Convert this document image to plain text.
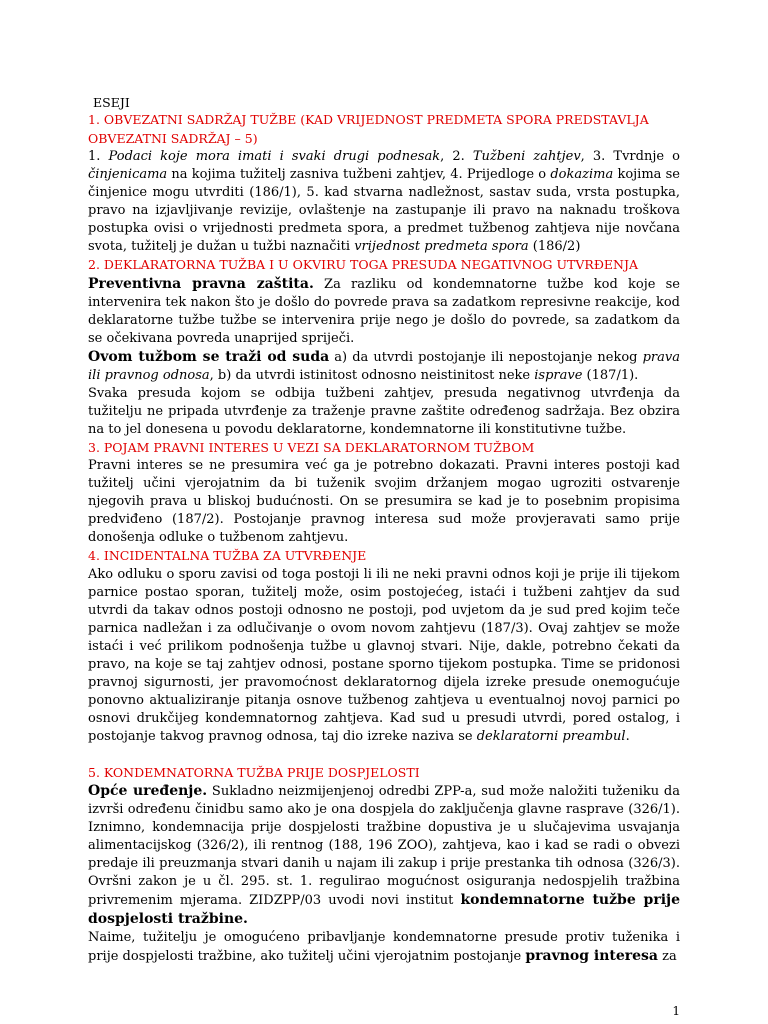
ESEJI

1. OBVEZATNI SADRŽAJ TUŽBE (KAD VRIJEDNOST PREDMETA SPORA PREDSTAVLJA OBVEZATNI SADRŽAJ – 5)

1. Podaci koje mora imati i svaki drugi podnesak, 2. Tužbeni zahtjev, 3. Tvrdnje o činjenicama na kojima tužitelj zasniva tužbeni zahtjev, 4. Prijedloge o dokazima kojima se činjenice mogu utvrditi (186/1), 5. kad stvarna nadležnost, sastav suda, vrsta postupka, pravo na izjavljivanje revizije, ovlaštenje na zastupanje ili pravo na naknadu troškova postupka ovisi o vrijednosti predmeta spora, a predmet tužbenog zahtjeva nije novčana svota, tužitelj je dužan u tužbi naznačiti vrijednost predmeta spora (186/2)

2. DEKLARATORNA TUŽBA I U OKVIRU TOGA PRESUDA NEGATIVNOG UTVRĐENJA

Preventivna pravna zaštita. Za razliku od kondemnatorne tužbe kod koje se intervenira tek nakon što je došlo do povrede prava sa zadatkom represivne reakcije, kod deklaratorne tužbe tužbe se intervenira prije nego je došlo do povrede, sa zadatkom da se očekivana povreda unaprijed spriječi.

Ovom tužbom se traži od suda a) da utvrdi postojanje ili nepostojanje nekog prava ili pravnog odnosa, b) da utvrdi istinitost odnosno neistinitost neke isprave (187/1).

Svaka presuda kojom se odbija tužbeni zahtjev, presuda negativnog utvrđenja da tužitelju ne pripada utvrđenje za traženje pravne zaštite određenog sadržaja. Bez obzira na to jel donesena u povodu deklaratorne, kondemnatorne ili konstitutivne tužbe.

3. POJAM PRAVNI INTERES U VEZI SA DEKLARATORNOM TUŽBOM

Pravni interes se ne presumira već ga je potrebno dokazati. Pravni interes postoji kad tužitelj učini vjerojatnim da bi tuženik svojim držanjem mogao ugroziti ostvarenje njegovih prava u bliskoj budućnosti. On se presumira se kad je to posebnim propisima predviđeno (187/2). Postojanje pravnog interesa sud može provjeravati samo prije donošenja odluke o tužbenom zahtjevu.

4. INCIDENTALNA TUŽBA ZA UTVRĐENJE

Ako odluku o sporu zavisi od toga postoji li ili ne neki pravni odnos koji je prije ili tijekom parnice postao sporan, tužitelj može, osim postojećeg, istaći i tužbeni zahtjev da sud utvrdi da takav odnos postoji odnosno ne postoji, pod uvjetom da je sud pred kojim teče parnica nadležan i za odlučivanje o ovom novom zahtjevu (187/3). Ovaj zahtjev se može istaći i već prilikom podnošenja tužbe u glavnoj stvari. Nije, dakle, potrebno čekati da pravo, na koje se taj zahtjev odnosi, postane sporno tijekom postupka. Time se pridonosi pravnoj sigurnosti, jer pravomoćnost deklaratornog dijela izreke presude onemogućuje ponovno aktualiziranje pitanja osnove tužbenog zahtjeva u eventualnoj novoj parnici po osnovi drukčijeg kondemnatornog zahtjeva. Kad sud u presudi utvrdi, pored ostalog, i postojanje takvog pravnog odnosa, taj dio izreke naziva se deklaratorni preambul.

5. KONDEMNATORNA TUŽBA PRIJE DOSPJELOSTI

Opće uređenje. Sukladno neizmijenjenoj odredbi ZPP-a, sud može naložiti tuženiku da izvrši određenu činidbu samo ako je ona dospjela do zaključenja glavne rasprave (326/1). Iznimno, kondemnacija prije dospjelosti tražbine dopustiva je u slučajevima usvajanja alimentacijskog (326/2), ili rentnog (188, 196 ZOO), zahtjeva, kao i kad se radi o obvezi predaje ili preuzmanja stvari danih u najam ili zakup i prije prestanka tih odnosa (326/3). Ovršni zakon je u čl. 295. st. 1. regulirao mogućnost osiguranja nedospjelih tražbina privremenim mjerama. ZIDZPP/03 uvodi novi institut kondemnatorne tužbe prije dospjelosti tražbine.

Naime, tužitelju je omogućeno pribavljanje kondemnatorne presude protiv tuženika i prije dospjelosti tražbine, ako tužitelj učini vjerojatnim postojanje pravnog interesa za

1
